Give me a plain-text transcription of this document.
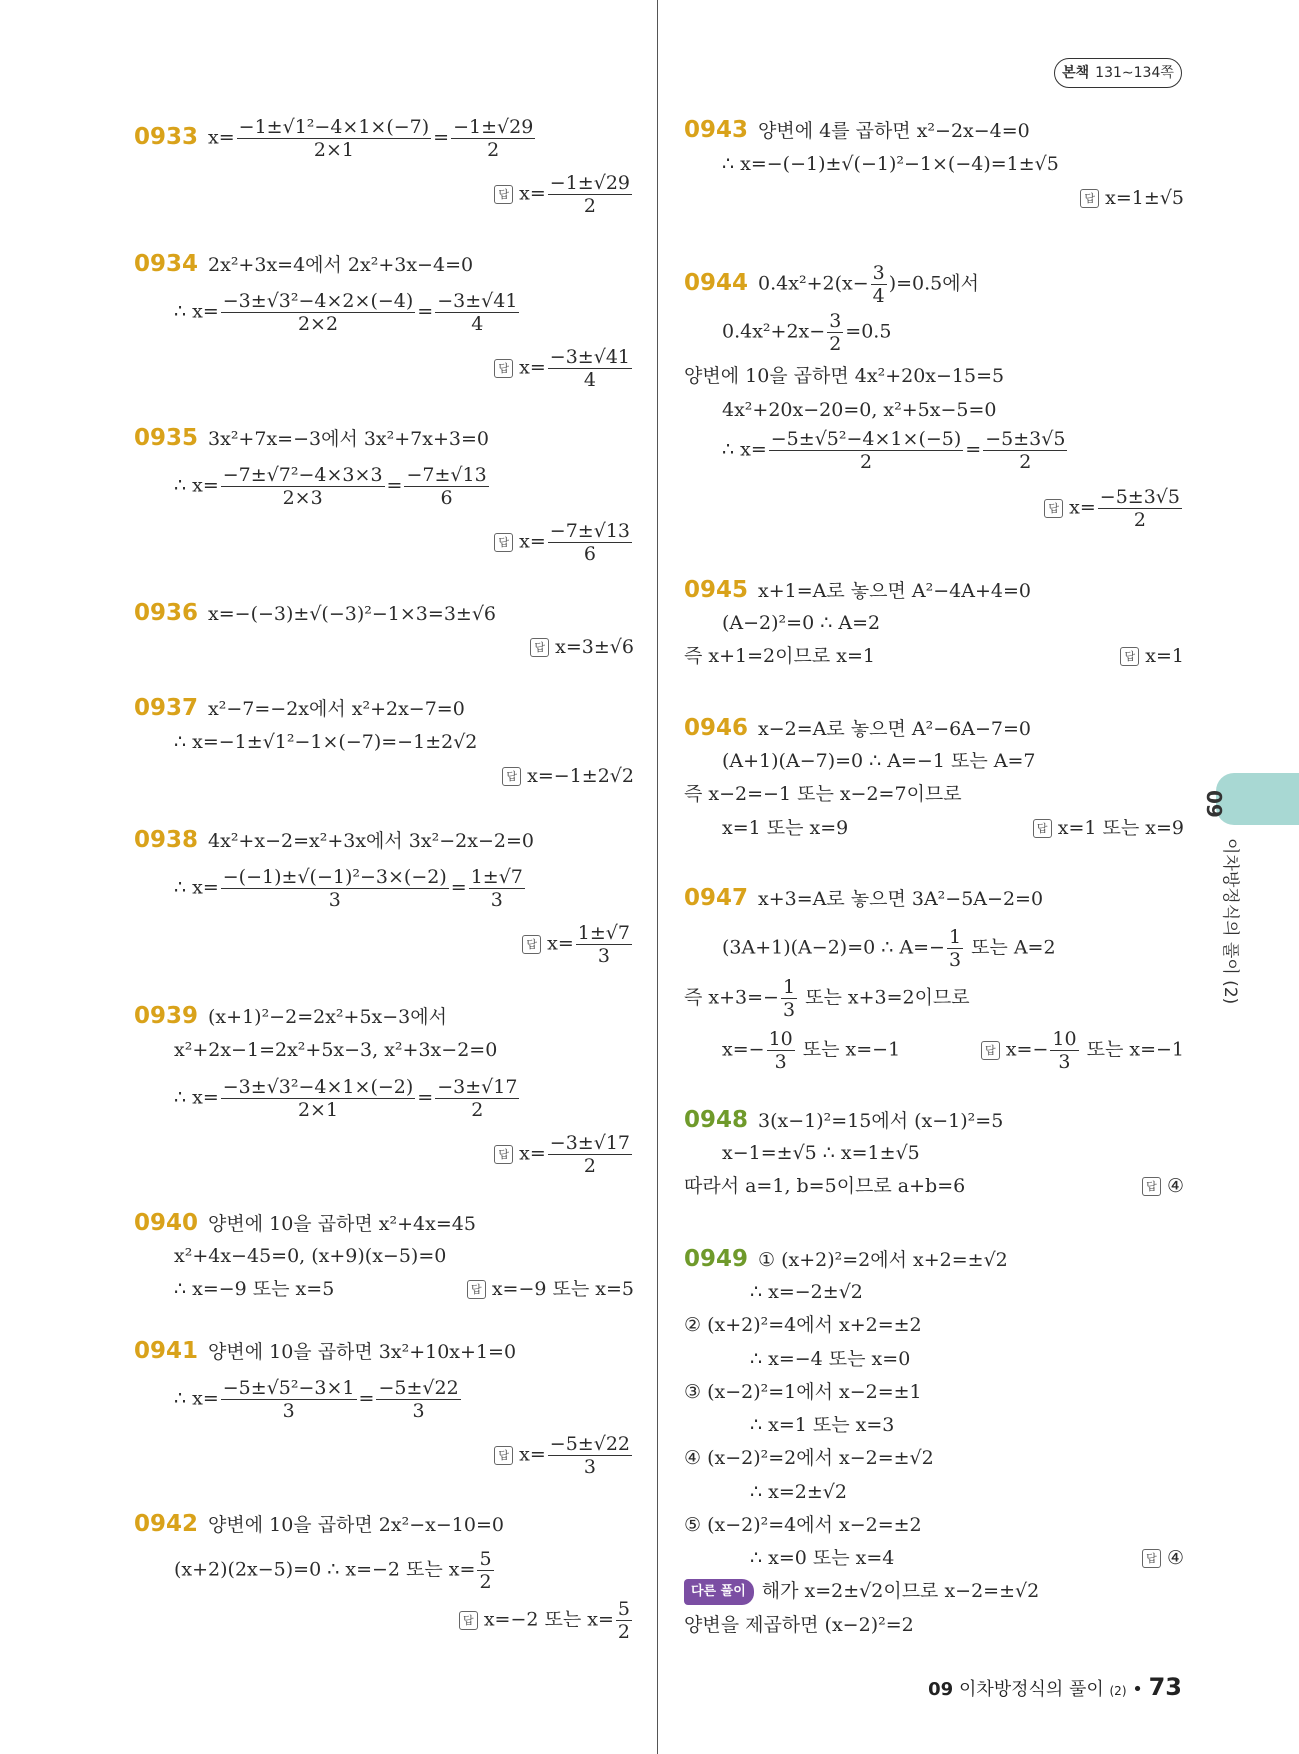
본책 131∼134쪽
09
이차방정식의 풀이 (2)
0933 $x= \frac{\text{−1±√1²−4×1×(−7)}}{2\times 1} = \frac{-1\pm√29}{2}$
답 $x= \frac{-1\pm√29}{2}$
0934 2x²+3x=4에서 2x²+3x−4=0
∴ $x= \frac{\text{−3±√3²−4×2×(−4)}}{2\times 2} = \frac{-3\pm√41}{4}$
답 $x= \frac{-3\pm√41}{4}$
0935 3x²+7x=−3에서 3x²+7x+3=0
∴ $x= \frac{\text{−7±√7²−4×3×3}}{2\times 3} = \frac{-7\pm√13}{6}$
답 $x= \frac{-7\pm√13}{6}$
0936 x=−(−3)±√(−3)²−1×3=3±√6
답 x=3±√6
0937 x²−7=−2x에서 x²+2x−7=0
∴ x=−1±√1²−1×(−7)=−1±2√2
답 x=−1±2√2
0938 4x²+x−2=x²+3x에서 3x²−2x−2=0
∴ $x= \frac{\text{−(−1)±√(−1)²−3×(−2)}}{3} = \frac{1\pm√7}{3}$
답 $x= \frac{1\pm√7}{3}$
0939 (x+1)²−2=2x²+5x−3에서
x²+2x−1=2x²+5x−3, x²+3x−2=0
∴ $x= \frac{\text{−3±√3²−4×1×(−2)}}{2\times 1} = \frac{-3\pm√17}{2}$
답 $x= \frac{-3\pm√17}{2}$
0940 양변에 10을 곱하면 x²+4x=45
x²+4x−45=0, (x+9)(x−5)=0
∴ x=−9 또는 x=5	답 x=−9 또는 x=5
0941 양변에 10을 곱하면 3x²+10x+1=0
∴ $x= \frac{\text{−5±√5²−3×1}}{3} = \frac{-5\pm√22}{3}$
답 $x= \frac{-5\pm√22}{3}$
0942 양변에 10을 곱하면 2x²−x−10=0
(x+2)(2x−5)=0 ∴ x=−2 또는 $x= \frac{5}{2}$
답 x=−2 또는 $x= \frac{5}{2}$
0943 양변에 4를 곱하면 x²−2x−4=0
∴ x=−(−1)±√(−1)²−1×(−4)=1±√5
답 x=1±√5
0944 $0.4x^2+2(x- \frac{3}{4} )=0.5$에서
$0.4x^2+2x- \frac{3}{2} =0.5$
양변에 10을 곱하면 4x²+20x−15=5
4x²+20x−20=0, x²+5x−5=0
∴ $x= \frac{\text{−5±√5²−4×1×(−5)}}{2} = \frac{-5\pm 3√5}{2}$
답 $x= \frac{-5\pm 3√5}{2}$
0945 x+1=A로 놓으면 A²−4A+4=0
(A−2)²=0 ∴ A=2
즉 x+1=2이므로 x=1	답 x=1
0946 x−2=A로 놓으면 A²−6A−7=0
(A+1)(A−7)=0 ∴ A=−1 또는 A=7
즉 x−2=−1 또는 x−2=7이므로
x=1 또는 x=9	답 x=1 또는 x=9
0947 x+3=A로 놓으면 3A²−5A−2=0
(3A+1)(A−2)=0 ∴ $A=- \frac{1}{3}$ 또는 A=2
즉 $x+3=- \frac{1}{3}$ 또는 x+3=2이므로
$x=- \frac{10}{3}$ 또는 x=−1	답 $x=- \frac{10}{3}$ 또는 x=−1
0948 3(x−1)²=15에서 (x−1)²=5
x−1=±√5 ∴ x=1±√5
따라서 a=1, b=5이므로 a+b=6	답 ④
0949 ① (x+2)²=2에서 x+2=±√2
∴ x=−2±√2
② (x+2)²=4에서 x+2=±2
∴ x=−4 또는 x=0
③ (x−2)²=1에서 x−2=±1
∴ x=1 또는 x=3
④ (x−2)²=2에서 x−2=±√2
∴ x=2±√2
⑤ (x−2)²=4에서 x−2=±2
∴ x=0 또는 x=4	답 ④
다른 풀이 해가 x=2±√2이므로 x−2=±√2
양변을 제곱하면 (x−2)²=2
09 이차방정식의 풀이 (2) • 73
